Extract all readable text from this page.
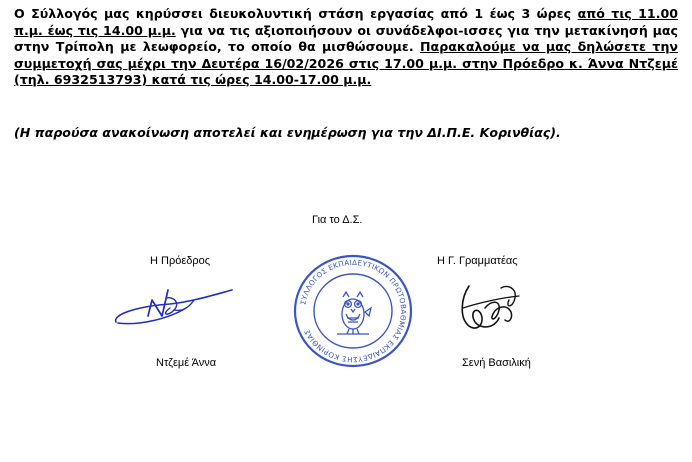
Ο Σύλλογός μας κηρύσσει διευκολυντική στάση εργασίας από 1 έως 3 ώρες από τις 11.00 π.μ. έως τις 14.00 μ.μ. για να τις αξιοποιήσουν οι συνάδελφοι-ισσες για την μετακίνησή μας στην Τρίπολη με λεωφορείο, το οποίο θα μισθώσουμε. Παρακαλούμε να μας δηλώσετε την συμμετοχή σας μέχρι την Δευτέρα 16/02/2026 στις 17.00 μ.μ. στην Πρόεδρο κ. Άννα Ντζεμέ (τηλ. 6932513793) κατά τις ώρες 14.00-17.00 μ.μ.

(Η παρούσα ανακοίνωση αποτελεί και ενημέρωση για την ΔΙ.Π.Ε. Κορινθίας).

Για το Δ.Σ.
Η Πρόεδρος	Η Γ. Γραμματέας
Ντζεμέ Άννα	Σενή Βασιλική
ΣΥΛΛΟΓΟΣ ΕΚΠΑΙΔΕΥΤΙΚΩΝ ΠΡΩΤΟΒΑΘΜΙΑΣ ΕΚΠΑΙΔΕΥΣΗΣ ΚΟΡΙΝΘΙΑΣ
